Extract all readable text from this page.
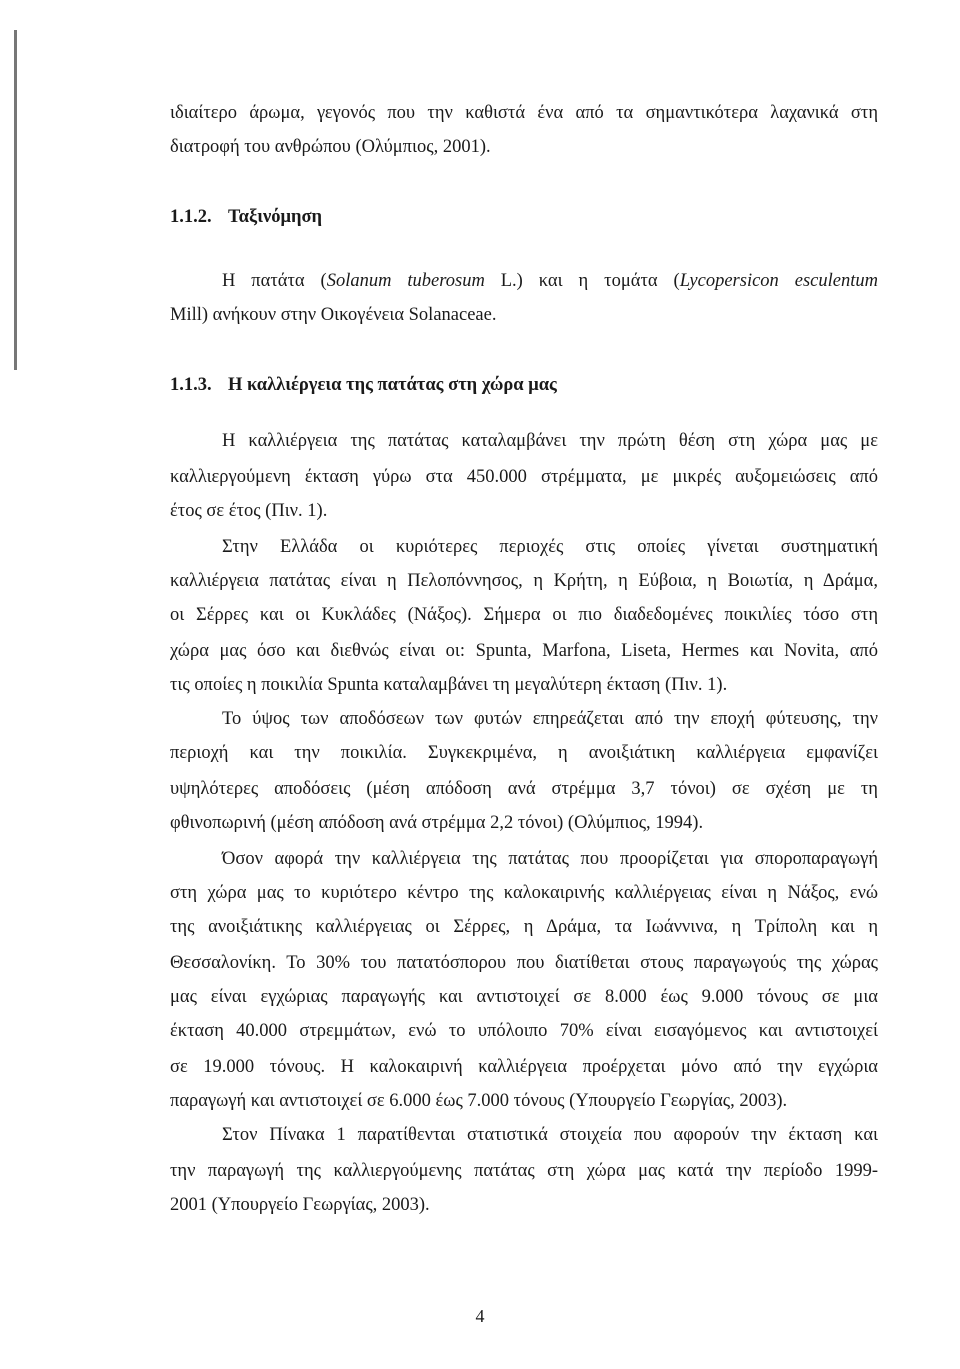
ιδιαίτερο άρωμα, γεγονός που την καθιστά ένα από τα σημαντικότερα λαχανικά στη
διατροφή του ανθρώπου (Ολύμπιος, 2001).
1.1.2. Ταξινόμηση
Η πατάτα (Solanum tuberosum L.) και η τομάτα (Lycopersicon esculentum
Mill) ανήκουν στην Οικογένεια Solanaceae.
1.1.3. Η καλλιέργεια της πατάτας στη χώρα μας
Η καλλιέργεια της πατάτας καταλαμβάνει την πρώτη θέση στη χώρα μας με
καλλιεργούμενη έκταση γύρω στα 450.000 στρέμματα, με μικρές αυξομειώσεις από
έτος σε έτος (Πιν. 1).
Στην Ελλάδα οι κυριότερες περιοχές στις οποίες γίνεται συστηματική
καλλιέργεια πατάτας είναι η Πελοπόννησος, η Κρήτη, η Εύβοια, η Βοιωτία, η Δράμα,
οι Σέρρες και οι Κυκλάδες (Νάξος). Σήμερα οι πιο διαδεδομένες ποικιλίες τόσο στη
χώρα μας όσο και διεθνώς είναι οι: Spunta, Marfona, Liseta, Hermes και Novita, από
τις οποίες η ποικιλία Spunta καταλαμβάνει τη μεγαλύτερη έκταση (Πιν. 1).
Το ύψος των αποδόσεων των φυτών επηρεάζεται από την εποχή φύτευσης, την
περιοχή και την ποικιλία. Συγκεκριμένα, η ανοιξιάτικη καλλιέργεια εμφανίζει
υψηλότερες αποδόσεις (μέση απόδοση ανά στρέμμα 3,7 τόνοι) σε σχέση με τη
φθινοπωρινή (μέση απόδοση ανά στρέμμα 2,2 τόνοι) (Ολύμπιος, 1994).
Όσον αφορά την καλλιέργεια της πατάτας που προορίζεται για σποροπαραγωγή
στη χώρα μας το κυριότερο κέντρο της καλοκαιρινής καλλιέργειας είναι η Νάξος, ενώ
της ανοιξιάτικης καλλιέργειας οι Σέρρες, η Δράμα, τα Ιωάννινα, η Τρίπολη και η
Θεσσαλονίκη. Το 30% του πατατόσπορου που διατίθεται στους παραγωγούς της χώρας
μας είναι εγχώριας παραγωγής και αντιστοιχεί σε 8.000 έως 9.000 τόνους σε μια
έκταση 40.000 στρεμμάτων, ενώ το υπόλοιπο 70% είναι εισαγόμενος και αντιστοιχεί
σε 19.000 τόνους. Η καλοκαιρινή καλλιέργεια προέρχεται μόνο από την εγχώρια
παραγωγή και αντιστοιχεί σε 6.000 έως 7.000 τόνους (Υπουργείο Γεωργίας, 2003).
Στον Πίνακα 1 παρατίθενται στατιστικά στοιχεία που αφορούν την έκταση και
την παραγωγή της καλλιεργούμενης πατάτας στη χώρα μας κατά την περίοδο 1999-
2001 (Υπουργείο Γεωργίας, 2003).
4
